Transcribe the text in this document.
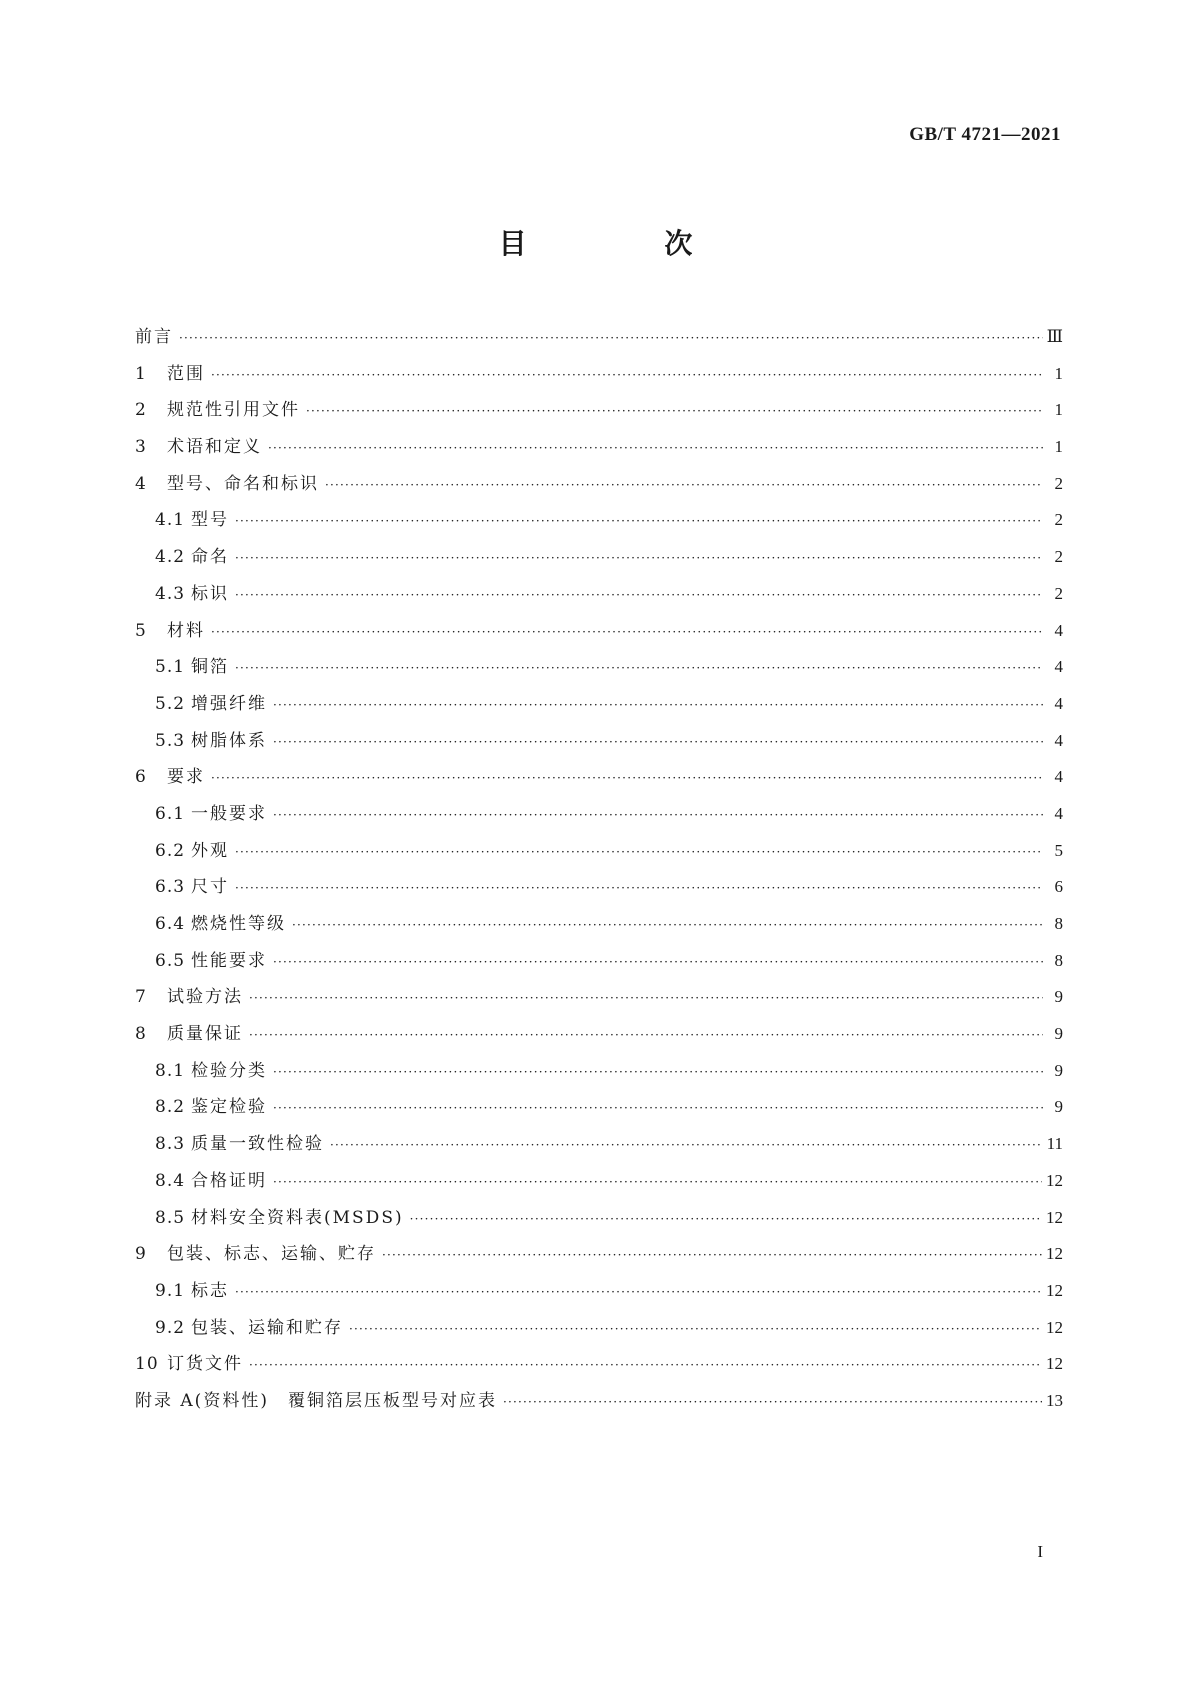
GB/T 4721—2021
目 次
前言 ·····	Ⅲ
1	范围 ·····	1
2	规范性引用文件 ·····	1
3	术语和定义 ·····	1
4	型号、命名和标识 ·····	2
4.1 型号 ·····	2
4.2 命名 ·····	2
4.3 标识 ·····	2
5	材料 ·····	4
5.1 铜箔 ·····	4
5.2 增强纤维 ·····	4
5.3 树脂体系 ·····	4
6	要求 ·····	4
6.1 一般要求 ·····	4
6.2 外观 ·····	5
6.3 尺寸 ·····	6
6.4 燃烧性等级 ·····	8
6.5 性能要求 ·····	8
7	试验方法 ·····	9
8	质量保证 ·····	9
8.1 检验分类 ·····	9
8.2 鉴定检验 ·····	9
8.3 质量一致性检验 ·····	11
8.4 合格证明 ·····	12
8.5 材料安全资料表(MSDS) ·····	12
9	包装、标志、运输、贮存 ·····	12
9.1 标志 ·····	12
9.2 包装、运输和贮存 ·····	12
10 订货文件 ·····	12
附录 A(资料性)　覆铜箔层压板型号对应表 ·····	13
I
